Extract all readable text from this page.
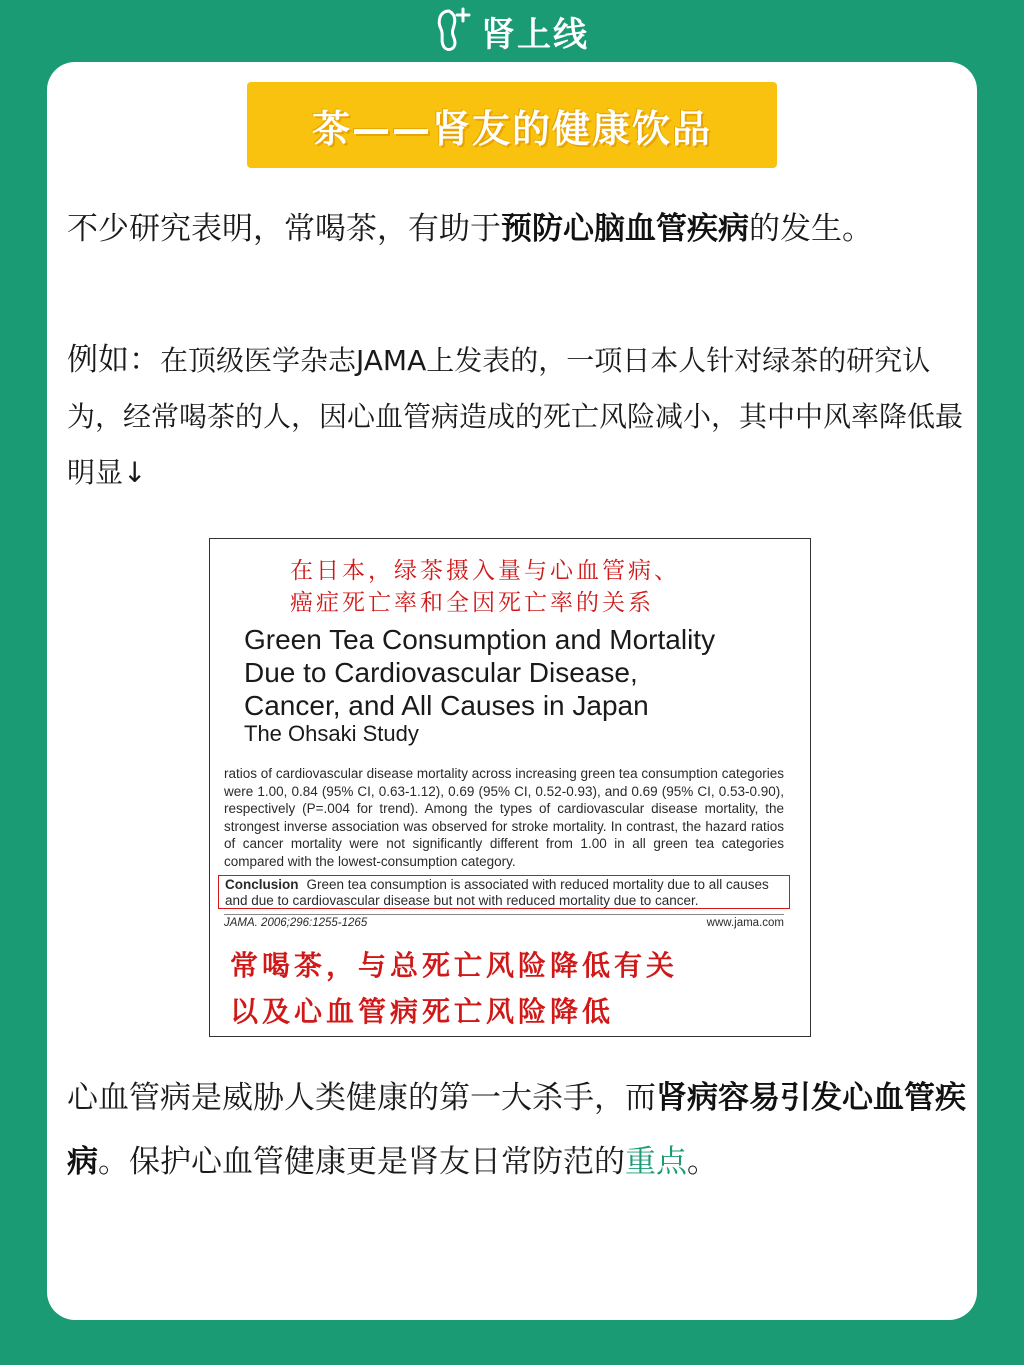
肾上线
茶——肾友的健康饮品
不少研究表明，常喝茶，有助于预防心脑血管疾病的发生。
例如：在顶级医学杂志JAMA上发表的，一项日本人针对绿茶的研究认为，经常喝茶的人，因心血管病造成的死亡风险减小，其中中风率降低最明显↓
在日本，绿茶摄入量与心血管病、
癌症死亡率和全因死亡率的关系
Green Tea Consumption and Mortality
Due to Cardiovascular Disease,
Cancer, and All Causes in Japan
The Ohsaki Study
ratios of cardiovascular disease mortality across increasing green tea consumption categories were 1.00, 0.84 (95% CI, 0.63-1.12), 0.69 (95% CI, 0.52-0.93), and 0.69 (95% CI, 0.53-0.90), respectively (P=.004 for trend). Among the types of cardiovascular disease mortality, the strongest inverse association was observed for stroke mortality. In contrast, the hazard ratios of cancer mortality were not significantly different from 1.00 in all green tea categories compared with the lowest-consumption category.
Conclusion Green tea consumption is associated with reduced mortality due to all causes and due to cardiovascular disease but not with reduced mortality due to cancer.
JAMA. 2006;296:1255-1265	www.jama.com
常喝茶，与总死亡风险降低有关
以及心血管病死亡风险降低
心血管病是威胁人类健康的第一大杀手，而肾病容易引发心血管疾病。保护心血管健康更是肾友日常防范的重点。
